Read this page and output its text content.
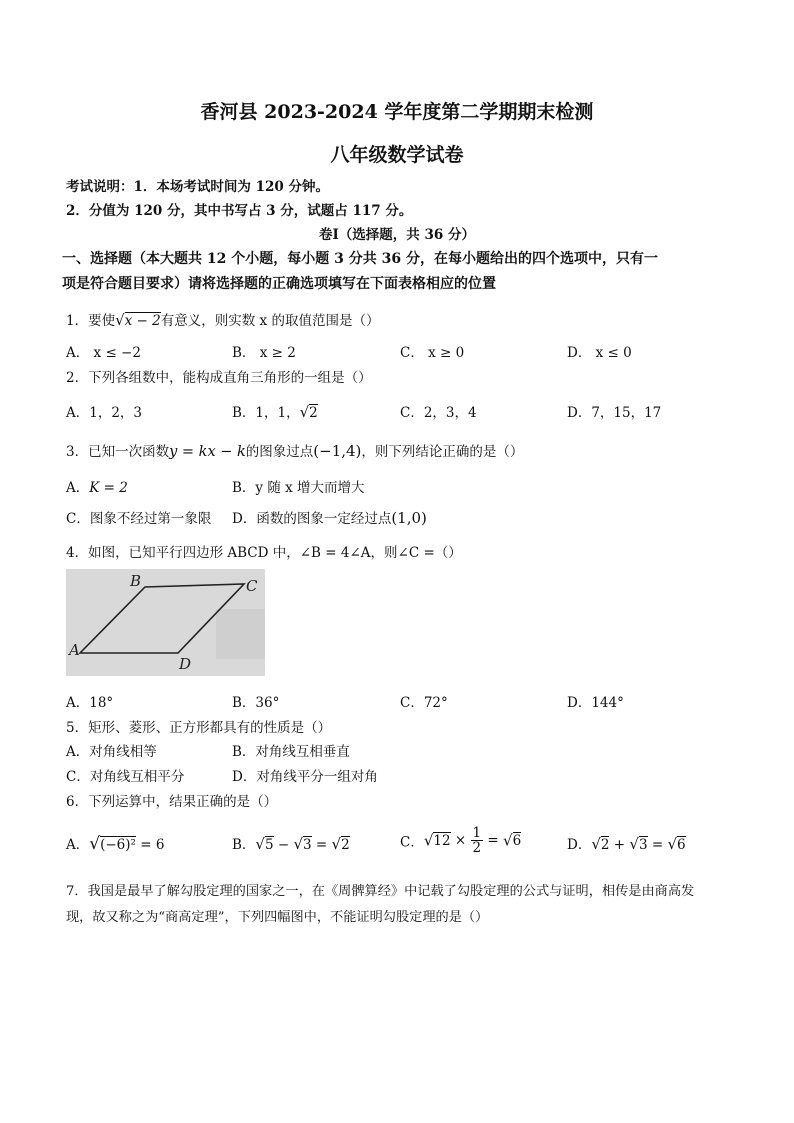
香河县 2023-2024 学年度第二学期期末检测
八年级数学试卷
考试说明：1．本场考试时间为 120 分钟。
2．分值为 120 分，其中书写占 3 分，试题占 117 分。
卷Ⅰ（选择题，共 36 分）
一、选择题（本大题共 12 个小题，每小题 3 分共 36 分，在每小题给出的四个选项中，只有一
项是符合题目要求）请将选择题的正确选项填写在下面表格相应的位置
1．要使√x − 2有意义，则实数 x 的取值范围是（）
A． x ≤ −2	B． x ≥ 2	C． x ≥ 0	D． x ≤ 0
2．下列各组数中，能构成直角三角形的一组是（）
A．1，2，3	B．1，1，√2	C．2，3，4	D．7，15，17
3．已知一次函数y = kx − k的图象过点(−1,4)，则下列结论正确的是（）
A．K = 2	B．y 随 x 增大而增大
C．图象不经过第一象限 D．函数的图象一定经过点(1,0)
4．如图，已知平行四边形 ABCD 中，∠B = 4∠A，则∠C =（）
A
B	C
D
A．18°	B．36°	C．72°	D．144°
5．矩形、菱形、正方形都具有的性质是（）
A．对角线相等	B．对角线互相垂直
C．对角线互相平分	D．对角线平分一组对角
6．下列运算中，结果正确的是（）
A．√(−6)² = 6	B．√5 − √3 = √2	C．$√12 \times \frac{1}{2} = √6$	D．√2 + √3 = √6
7．我国是最早了解勾股定理的国家之一，在《周髀算经》中记载了勾股定理的公式与证明，相传是由商高发
现，故又称之为“商高定理”，下列四幅图中，不能证明勾股定理的是（）
